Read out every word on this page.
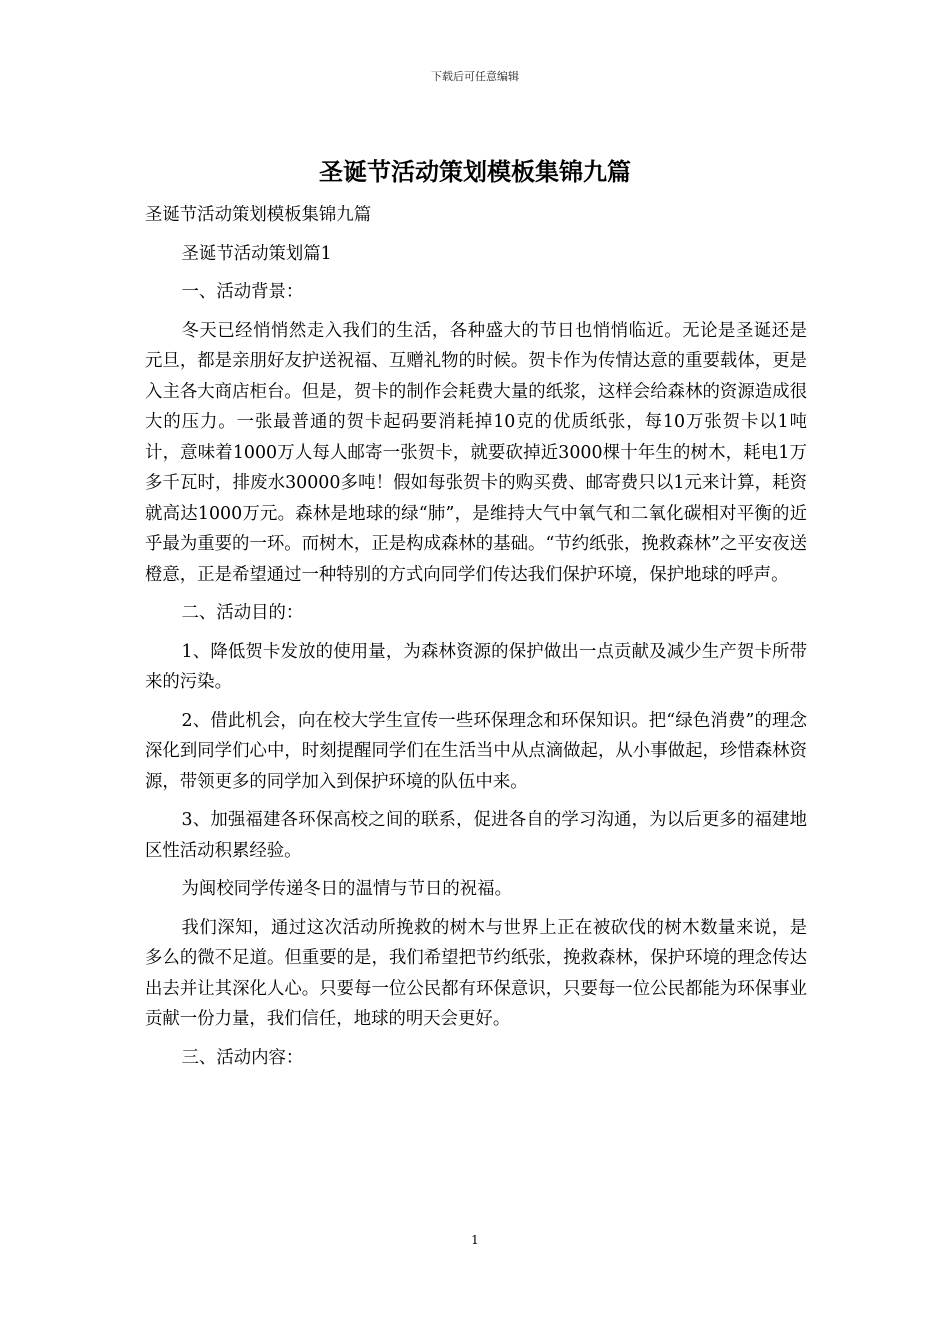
下载后可任意编辑
圣诞节活动策划模板集锦九篇

圣诞节活动策划模板集锦九篇

圣诞节活动策划篇1

一、活动背景：

冬天已经悄悄然走入我们的生活，各种盛大的节日也悄悄临近。无论是圣诞还是元旦，都是亲朋好友护送祝福、互赠礼物的时候。贺卡作为传情达意的重要载体，更是入主各大商店柜台。但是，贺卡的制作会耗费大量的纸浆，这样会给森林的资源造成很大的压力。一张最普通的贺卡起码要消耗掉10克的优质纸张，每10万张贺卡以1吨计，意味着1000万人每人邮寄一张贺卡，就要砍掉近3000棵十年生的树木，耗电1万多千瓦时，排废水30000多吨！假如每张贺卡的购买费、邮寄费只以1元来计算，耗资就高达1000万元。森林是地球的绿“肺”，是维持大气中氧气和二氧化碳相对平衡的近乎最为重要的一环。而树木，正是构成森林的基础。“节约纸张，挽救森林”之平安夜送橙意，正是希望通过一种特别的方式向同学们传达我们保护环境，保护地球的呼声。

二、活动目的：

1、降低贺卡发放的使用量，为森林资源的保护做出一点贡献及减少生产贺卡所带来的污染。

2、借此机会，向在校大学生宣传一些环保理念和环保知识。把“绿色消费”的理念深化到同学们心中，时刻提醒同学们在生活当中从点滴做起，从小事做起，珍惜森林资源，带领更多的同学加入到保护环境的队伍中来。

3、加强福建各环保高校之间的联系，促进各自的学习沟通，为以后更多的福建地区性活动积累经验。

为闽校同学传递冬日的温情与节日的祝福。

我们深知，通过这次活动所挽救的树木与世界上正在被砍伐的树木数量来说，是多么的微不足道。但重要的是，我们希望把节约纸张，挽救森林，保护环境的理念传达出去并让其深化人心。只要每一位公民都有环保意识，只要每一位公民都能为环保事业贡献一份力量，我们信任，地球的明天会更好。

三、活动内容：

1
